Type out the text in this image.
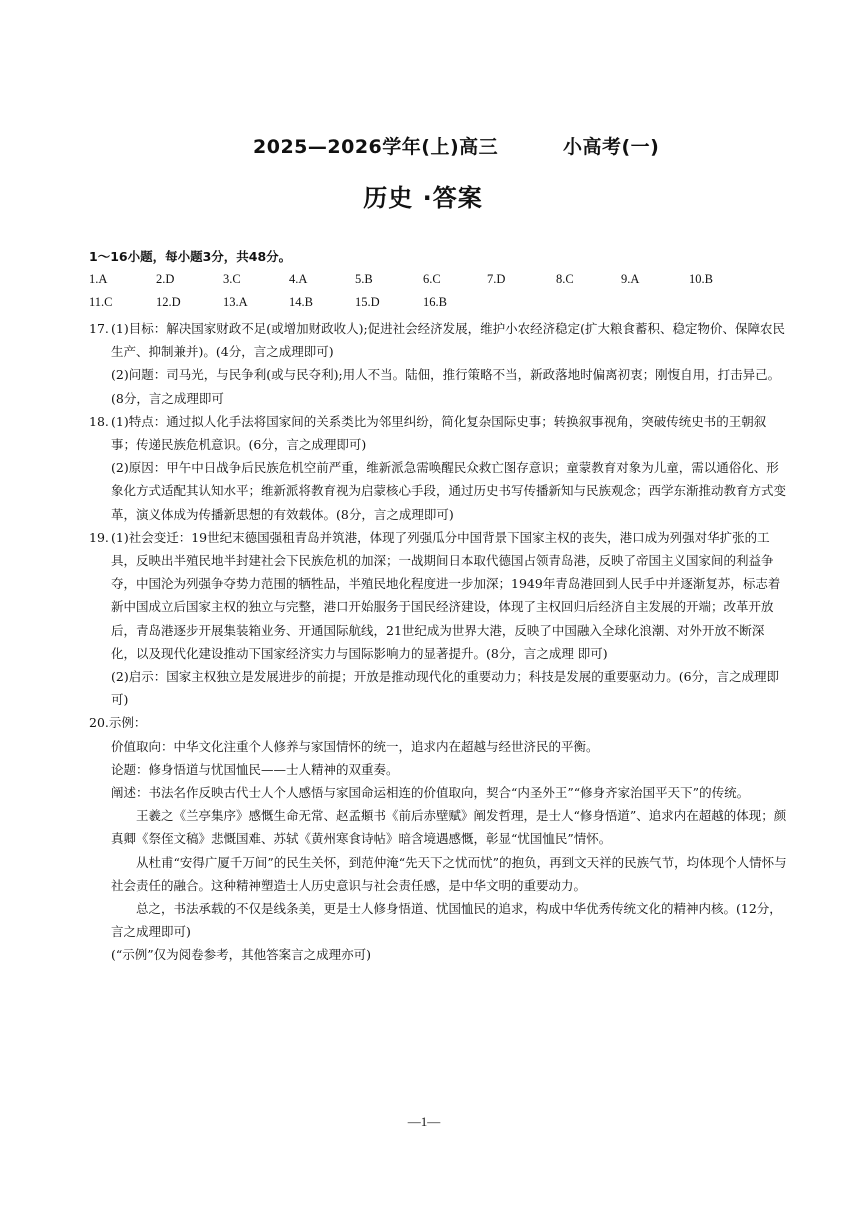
2025—2026学年(上)高三	小高考(一)
历史 ·答案
1～16小题，每小题3分，共48分。
1.A	2.D	3.C	4.A	5.B	6.C	7.D	8.C	9.A	10.B
11.C	12.D	13.A	14.B	15.D	16.B
17. (1)目标：解决国家财政不足(或增加财政收人);促进社会经济发展，维护小农经济稳定(扩大粮食蓄积、稳定物价、保障农民生产、抑制兼并)。(4分，言之成理即可)

(2)问题：司马光，与民争利(或与民夺利);用人不当。陆佃，推行策略不当，新政落地时偏离初衷；刚愎自用，打击异己。(8分，言之成理即可

18. (1)特点：通过拟人化手法将国家间的关系类比为邻里纠纷，简化复杂国际史事；转换叙事视角，突破传统史书的王朝叙事；传递民族危机意识。(6分，言之成理即可)

(2)原因：甲午中日战争后民族危机空前严重，维新派急需唤醒民众救亡图存意识；童蒙教育对象为儿童，需以通俗化、形象化方式适配其认知水平；维新派将教育视为启蒙核心手段，通过历史书写传播新知与民族观念；西学东渐推动教育方式变革，演义体成为传播新思想的有效载体。(8分，言之成理即可)

19. (1)社会变迁：19世纪末德国强租青岛并筑港，体现了列强瓜分中国背景下国家主权的丧失，港口成为列强对华扩张的工具，反映出半殖民地半封建社会下民族危机的加深；一战期间日本取代德国占领青岛港，反映了帝国主义国家间的利益争夺，中国沦为列强争夺势力范围的牺牲品，半殖民地化程度进一步加深；1949年青岛港回到人民手中并逐渐复苏，标志着新中国成立后国家主权的独立与完整，港口开始服务于国民经济建设，体现了主权回归后经济自主发展的开端；改革开放后，青岛港逐步开展集装箱业务、开通国际航线，21世纪成为世界大港，反映了中国融入全球化浪潮、对外开放不断深化，以及现代化建设推动下国家经济实力与国际影响力的显著提升。(8分，言之成理 即可)

(2)启示：国家主权独立是发展进步的前提；开放是推动现代化的重要动力；科技是发展的重要驱动力。(6分，言之成理即可)

20.示例：

价值取向：中华文化注重个人修养与家国情怀的统一，追求内在超越与经世济民的平衡。

论题：修身悟道与忧国恤民——士人精神的双重奏。

阐述：书法名作反映古代士人个人感悟与家国命运相连的价值取向，契合“内圣外王”“修身齐家治国平天下”的传统。

王羲之《兰亭集序》感慨生命无常、赵孟頫书《前后赤壁赋》阐发哲理，是士人“修身悟道”、追求内在超越的体现；颜真卿《祭侄文稿》悲慨国难、苏轼《黄州寒食诗帖》暗含境遇感慨，彰显“忧国恤民”情怀。

从杜甫“安得广厦千万间”的民生关怀，到范仲淹“先天下之忧而忧”的抱负，再到文天祥的民族气节，均体现个人情怀与社会责任的融合。这种精神塑造士人历史意识与社会责任感，是中华文明的重要动力。

总之，书法承载的不仅是线条美，更是士人修身悟道、忧国恤民的追求，构成中华优秀传统文化的精神内核。(12分，言之成理即可)

(“示例”仅为阅卷参考，其他答案言之成理亦可)

—1—
